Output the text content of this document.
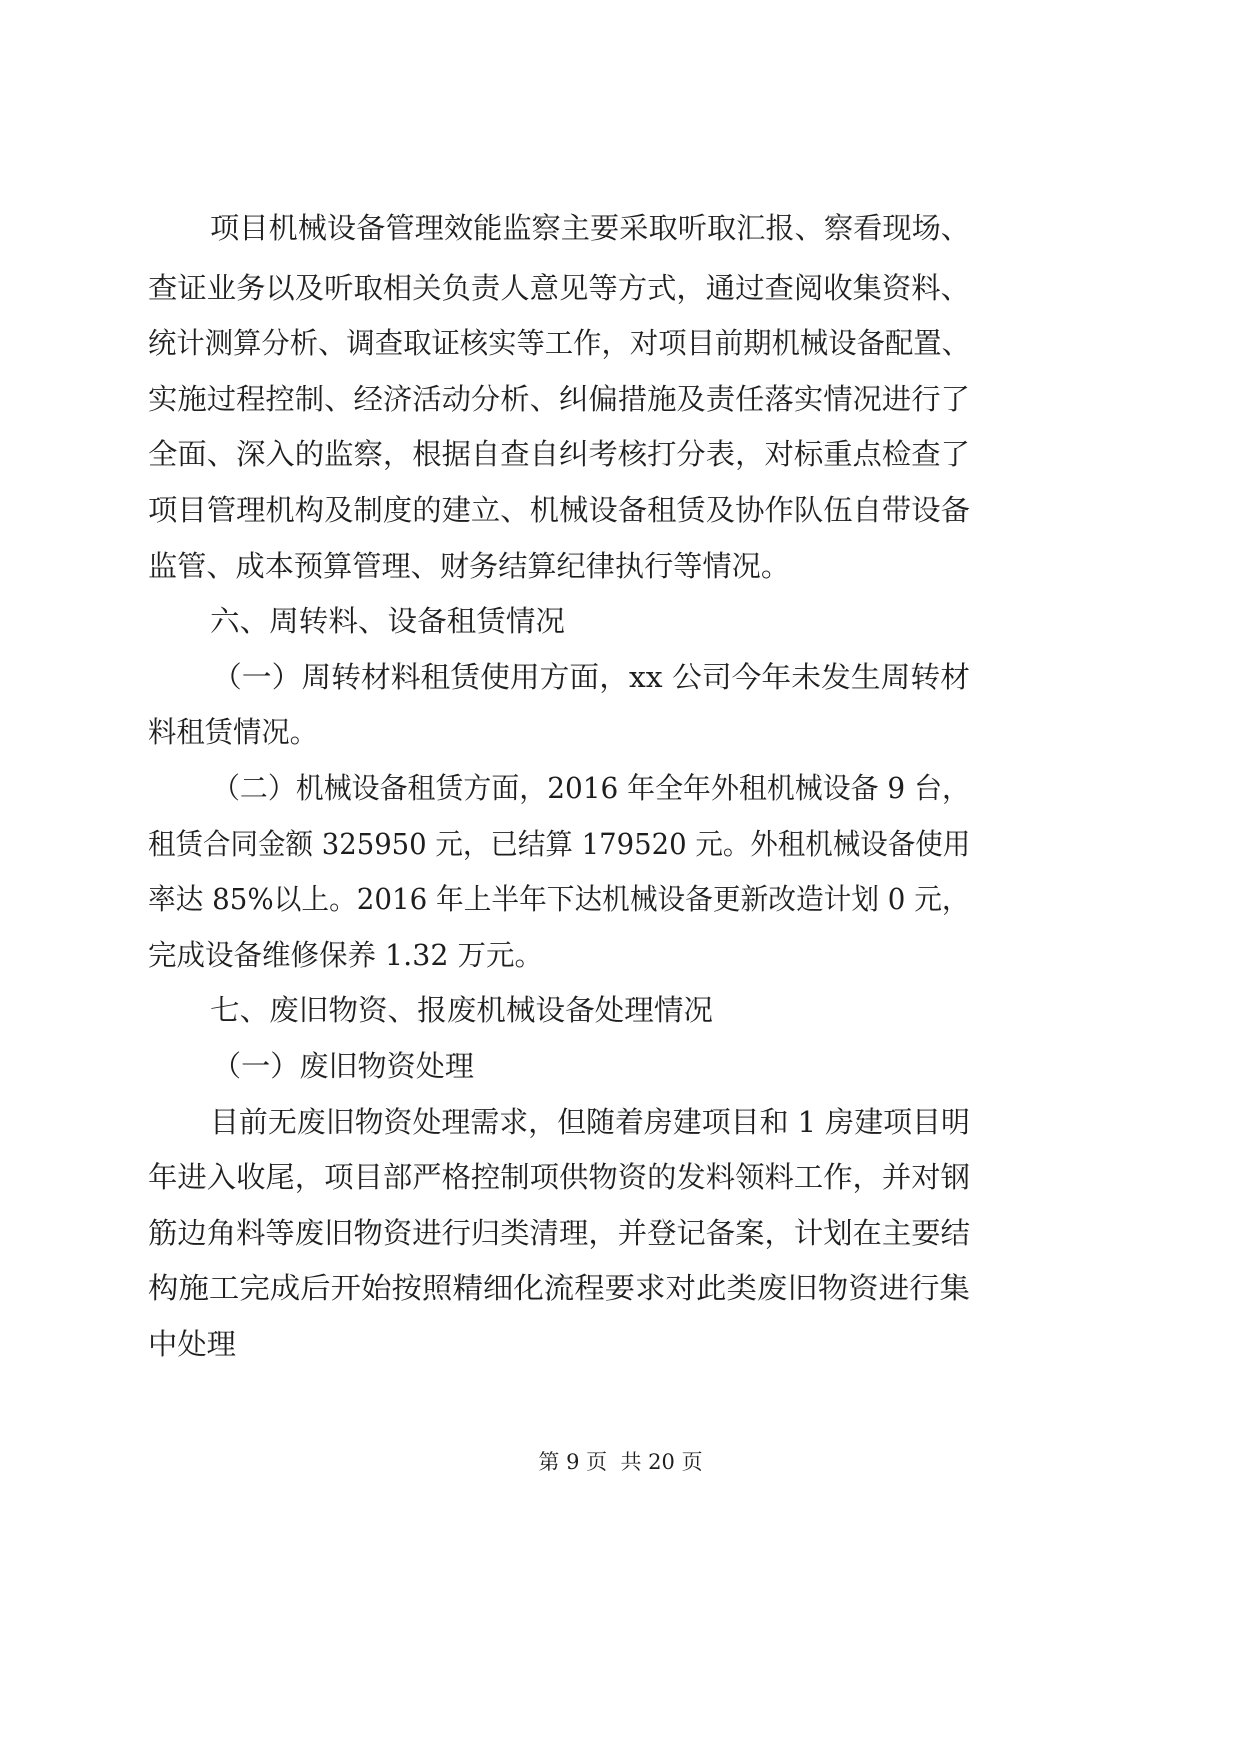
项目机械设备管理效能监察主要采取听取汇报、察看现场、
查证业务以及听取相关负责人意见等方式，通过查阅收集资料、
统计测算分析、调查取证核实等工作，对项目前期机械设备配置、
实施过程控制、经济活动分析、纠偏措施及责任落实情况进行了
全面、深入的监察，根据自查自纠考核打分表，对标重点检查了
项目管理机构及制度的建立、机械设备租赁及协作队伍自带设备
监管、成本预算管理、财务结算纪律执行等情况。
六、周转料、设备租赁情况
（一）周转材料租赁使用方面，xx 公司今年未发生周转材
料租赁情况。
（二）机械设备租赁方面，2016 年全年外租机械设备 9 台，
租赁合同金额 325950 元，已结算 179520 元。外租机械设备使用
率达 85%以上。2016 年上半年下达机械设备更新改造计划 0 元，
完成设备维修保养 1.32 万元。
七、废旧物资、报废机械设备处理情况
（一）废旧物资处理
目前无废旧物资处理需求，但随着房建项目和 1 房建项目明
年进入收尾，项目部严格控制项供物资的发料领料工作，并对钢
筋边角料等废旧物资进行归类清理，并登记备案，计划在主要结
构施工完成后开始按照精细化流程要求对此类废旧物资进行集
中处理
第 9 页 共 20 页
